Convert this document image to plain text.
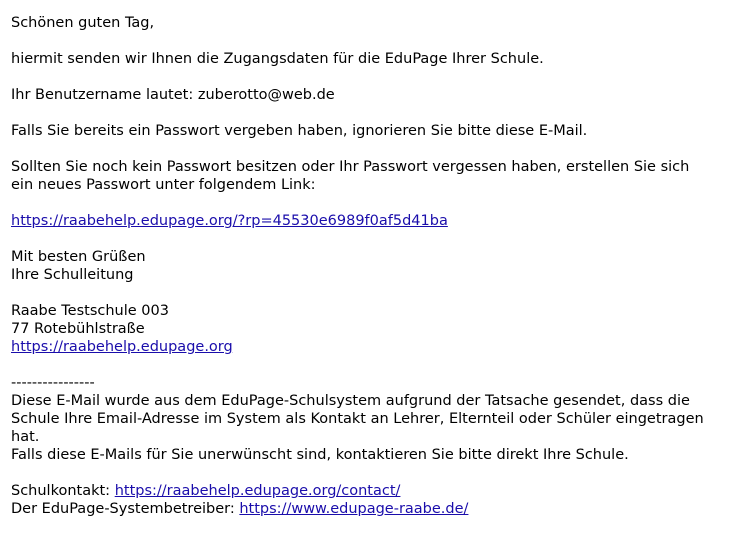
Schönen guten Tag,
hiermit senden wir Ihnen die Zugangsdaten für die EduPage Ihrer Schule.
Ihr Benutzername lautet: zuberotto@web.de
Falls Sie bereits ein Passwort vergeben haben, ignorieren Sie bitte diese E-Mail.
Sollten Sie noch kein Passwort besitzen oder Ihr Passwort vergessen haben, erstellen Sie sich
ein neues Passwort unter folgendem Link:
https://raabehelp.edupage.org/?rp=45530e6989f0af5d41ba
Mit besten Grüßen
Ihre Schulleitung
Raabe Testschule 003
77 Rotebühlstraße
https://raabehelp.edupage.org
----------------
Diese E-Mail wurde aus dem EduPage-Schulsystem aufgrund der Tatsache gesendet, dass die
Schule Ihre Email-Adresse im System als Kontakt an Lehrer, Elternteil oder Schüler eingetragen
hat.
Falls diese E-Mails für Sie unerwünscht sind, kontaktieren Sie bitte direkt Ihre Schule.
Schulkontakt: https://raabehelp.edupage.org/contact/
Der EduPage-Systembetreiber: https://www.edupage-raabe.de/
